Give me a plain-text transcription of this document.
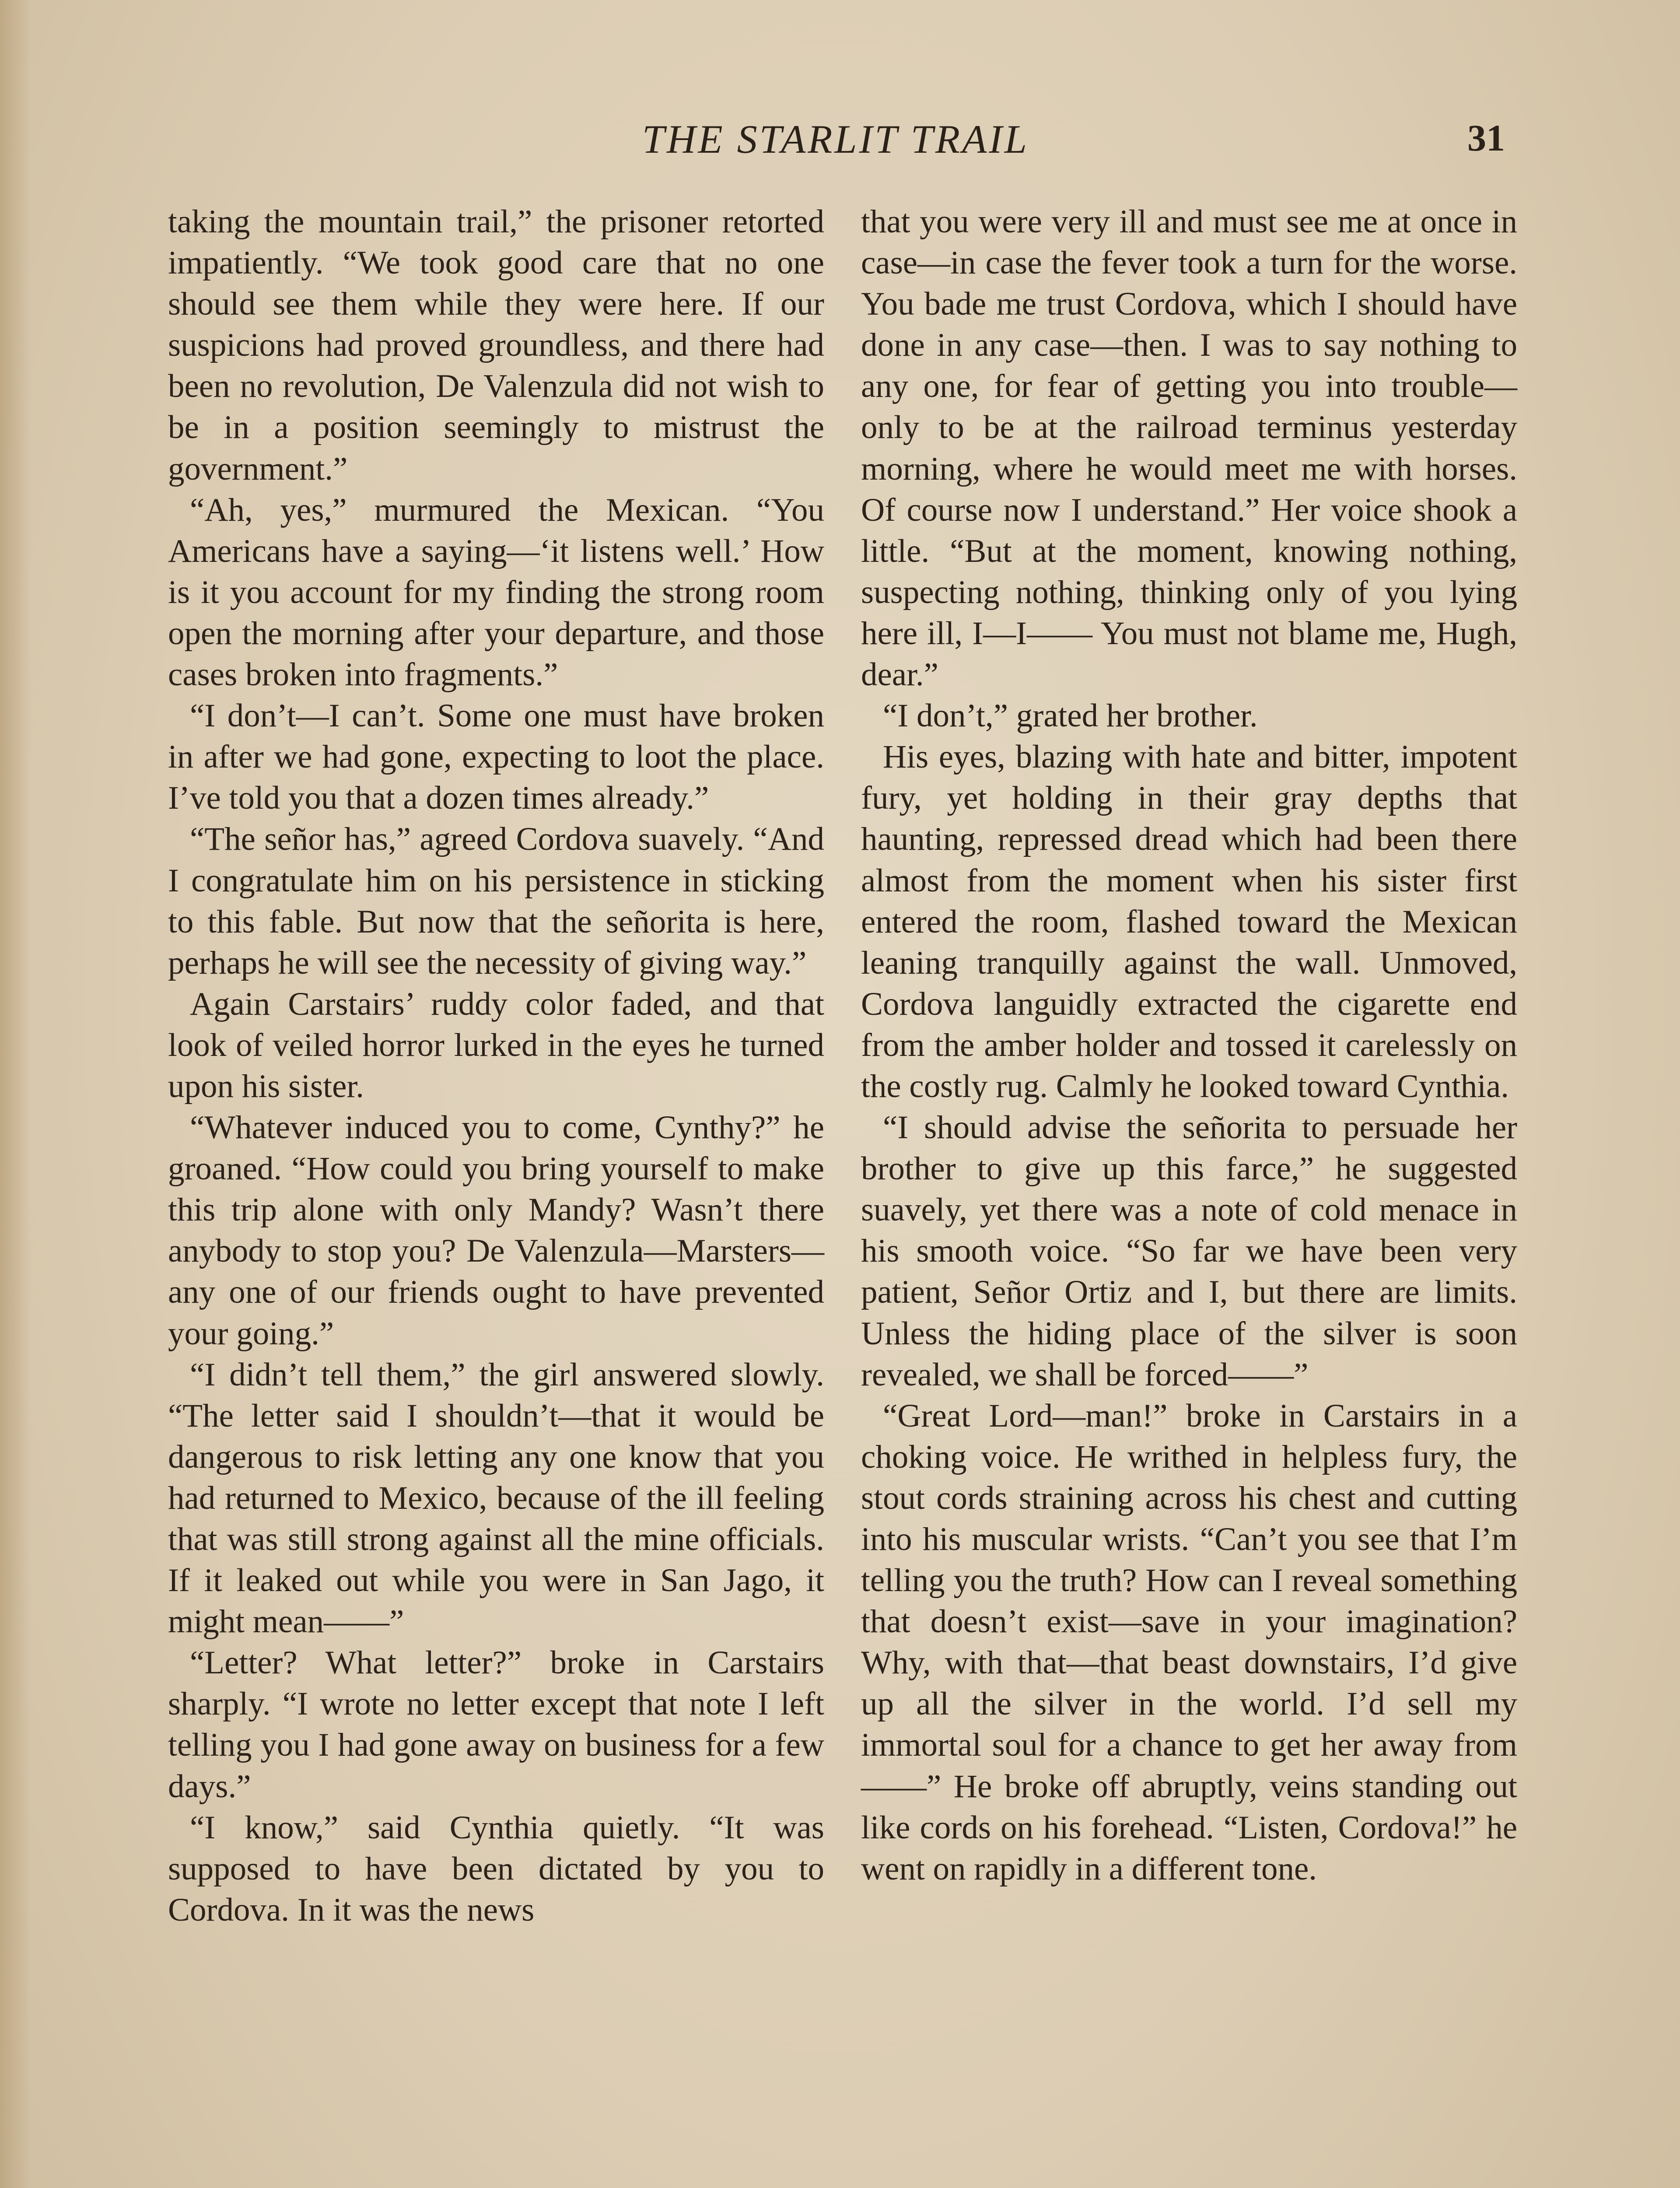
THE STARLIT TRAIL	31

taking the mountain trail,” the prisoner retorted impatiently. “We took good care that no one should see them while they were here. If our suspicions had proved groundless, and there had been no revolution, De Valenzula did not wish to be in a position seemingly to mistrust the government.”

“Ah, yes,” murmured the Mexican. “You Americans have a saying—‘it listens well.’ How is it you account for my finding the strong room open the morning after your departure, and those cases broken into fragments.”

“I don’t—I can’t. Some one must have broken in after we had gone, expecting to loot the place. I’ve told you that a dozen times already.”

“The señor has,” agreed Cordova suavely. “And I congratulate him on his persistence in sticking to this fable. But now that the señorita is here, perhaps he will see the necessity of giving way.”

Again Carstairs’ ruddy color faded, and that look of veiled horror lurked in the eyes he turned upon his sister.

“Whatever induced you to come, Cynthy?” he groaned. “How could you bring yourself to make this trip alone with only Mandy? Wasn’t there anybody to stop you? De Valenzula—Marsters—any one of our friends ought to have prevented your going.”

“I didn’t tell them,” the girl answered slowly. “The letter said I shouldn’t—that it would be dangerous to risk letting any one know that you had returned to Mexico, because of the ill feeling that was still strong against all the mine officials. If it leaked out while you were in San Jago, it might mean——”

“Letter? What letter?” broke in Carstairs sharply. “I wrote no letter except that note I left telling you I had gone away on business for a few days.”

“I know,” said Cynthia quietly. “It was supposed to have been dictated by you to Cordova. In it was the news

that you were very ill and must see me at once in case—in case the fever took a turn for the worse. You bade me trust Cordova, which I should have done in any case—then. I was to say nothing to any one, for fear of getting you into trouble—only to be at the railroad terminus yesterday morning, where he would meet me with horses. Of course now I understand.” Her voice shook a little. “But at the moment, knowing nothing, suspecting nothing, thinking only of you lying here ill, I—I—— You must not blame me, Hugh, dear.”

“I don’t,” grated her brother.

His eyes, blazing with hate and bitter, impotent fury, yet holding in their gray depths that haunting, repressed dread which had been there almost from the moment when his sister first entered the room, flashed toward the Mexican leaning tranquilly against the wall. Unmoved, Cordova languidly extracted the cigarette end from the amber holder and tossed it carelessly on the costly rug. Calmly he looked toward Cynthia.

“I should advise the señorita to persuade her brother to give up this farce,” he suggested suavely, yet there was a note of cold menace in his smooth voice. “So far we have been very patient, Señor Ortiz and I, but there are limits. Unless the hiding place of the silver is soon revealed, we shall be forced——”

“Great Lord—man!” broke in Carstairs in a choking voice. He writhed in helpless fury, the stout cords straining across his chest and cutting into his muscular wrists. “Can’t you see that I’m telling you the truth? How can I reveal something that doesn’t exist—save in your imagination? Why, with that—that beast downstairs, I’d give up all the silver in the world. I’d sell my immortal soul for a chance to get her away from——” He broke off abruptly, veins standing out like cords on his forehead. “Listen, Cordova!” he went on rapidly in a different tone.
